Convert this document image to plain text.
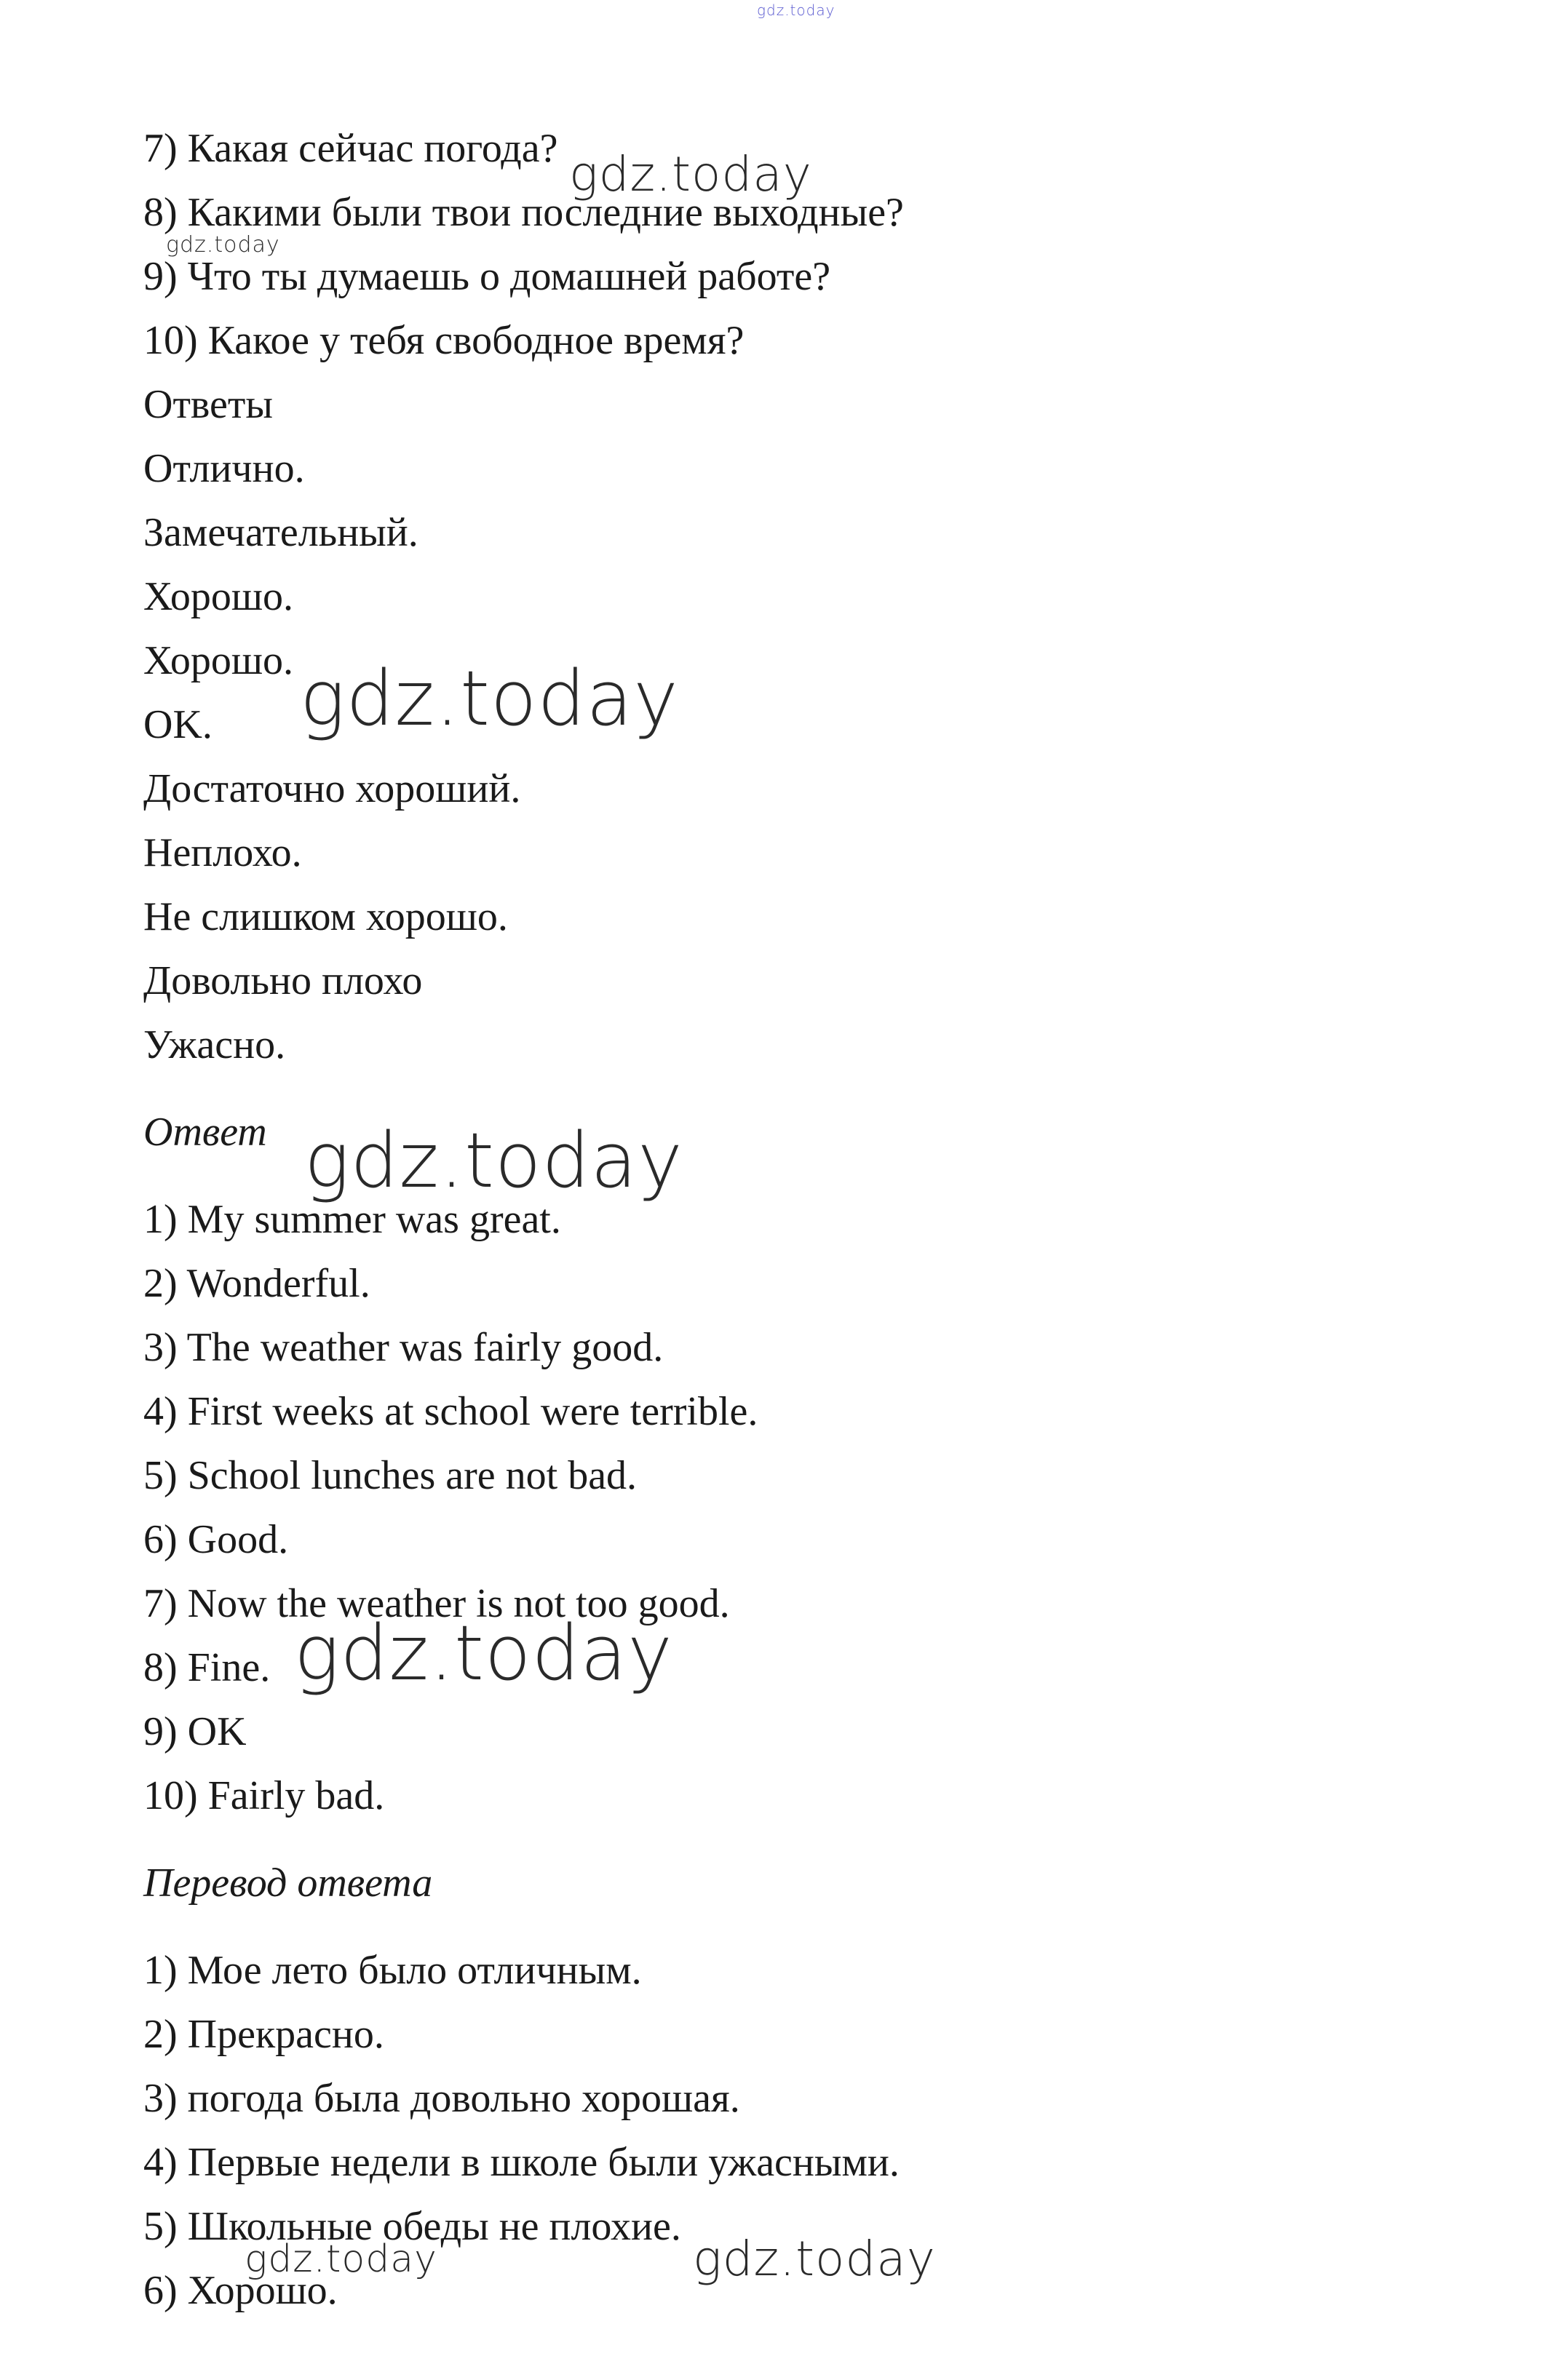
gdz.today
7) Какая сейчас погода?
8) Какими были твои последние выходные?
9) Что ты думаешь о домашней работе?
10) Какое у тебя свободное время?
Ответы
Отлично.
Замечательный.
Хорошо.
Хорошо.
OK.
Достаточно хороший.
Неплохо.
Не слишком хорошо.
Довольно плохо
Ужасно.
Ответ
1) My summer was great.
2) Wonderful.
3) The weather was fairly good.
4) First weeks at school were terrible.
5) School lunches are not bad.
6) Good.
7) Now the weather is not too good.
8) Fine.
9) OK
10) Fairly bad.
Перевод ответа
1) Мое лето было отличным.
2) Прекрасно.
3) погода была довольно хорошая.
4) Первые недели в школе были ужасными.
5) Школьные обеды не плохие.
6) Хорошо.
gdz.today
gdz.today
gdz.today
gdz.today
gdz.today
gdz.today
gdz.today
